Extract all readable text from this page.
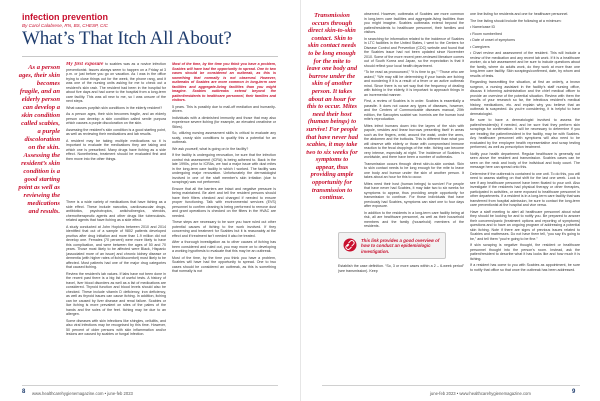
infection prevention
By Carol Calabrese, RN, BS, CHESP, CIC
What’s That Itch All About?
As a person ages, their skin becomes fragile, and an elderly person can develop a skin condition called scabies, a purple discoloration on the skin. Assessing the resident’s skin condition is a good starting point as well as reviewing the medications and results.

My first exposure to scabies was as a novice infection preventionist. Issues always seem to happen on a Friday at 3 p.m. or just before you go on vacation. As I was in the office trying to close things out for the week, the phone rang, and it was one of the nursing units asking for me to check out a resident’s skin rash. The resident had been in the hospital for about five days and had come to the hospital from a long-term care facility. This was all new to me, so I was unsure of the next steps.

What causes purplish skin conditions in the elderly resident?

As a person ages, their skin becomes fragile, and an elderly person can develop a skin condition called senile purpura which causes a purple discoloration on the skin.

Assessing the resident’s skin condition is a good starting point, as well as reviewing their medications and lab results.

A resident may be taking multiple medications so it is important to evaluate the medications they are taking and which one is prescribed. Many drugs have itching as a side effect. Nonetheless, treatment should be evaluated first and then move into the other things.

Most of the time, by the time you think you have a problem, Scabies will have had the opportunity to spread. One to two cases should be considered an outbreak, as this is something that normally is not observed. However, outbreaks of Scabies are more common in long-term care facilities and aggregate-living facilities than you might imagine. Scabies outbreaks extend beyond the patient/residents to healthcare personnel, their families and visitors.

5 years. This is possibly due to mail-off mediation and humanity-driven.

Individuals with a diminished immunity and those that may also experience severe itching (for example, an elevated creatinine or Stiles).

So, utilizing nursing assessment skills is critical to evaluate any scaly, crusty skin conditions to qualify this a potential for an outbreak.

We ask yourself, what is going on in the facility?

If the facility is undergoing renovation, be sure that the infection control risk assessment (ICRA) is being adhered to. Back in the late 1990s, prior to ICRAs, we had a major issue with dust mites in the long-term care facility in which I worked. The facility was undergoing major renovation. Unfortunately the dermatologist involved in one of the staff member’s skin irritation (due to scrapings) was not performed.

Ensure that all the barriers are intact and negative pressure is being maintained. Be alert and tell the resident persons should have their filters checked and changed if needed to ensure proper functioning. Talk with environmental services (EVS) personnel to confirm cleaning is being performed to remove dust and grant operations is checked on the filters in the HVAC are needed.

These steps are necessary to be sure you have ruled out other potential causes of itching to the work involved. If they concerning and treatment for Scabies but it is reasonably at the effect and if treatment isn’t needed it also be treated.

After a thorough investigation as to other causes of itching has been considered and ruled out, you may move on to developing a working hypothesis to evaluate that this may be an outbreak.

Most of the time, by the time you think you have a problem, Scabies will have had the opportunity to spread. One to two cases should be considered an outbreak, as this is something that normally is not

There is a wide variety of medications that have itching as a side effect. These include narcotics, cardiovascular drugs, antibiotics, psychotropics, anticholinergics, steroids, chemotherapeutic agents and other drugs like tuberculosis-related agents that have itching as a side effect.

A study conducted at John Hopkins between 2010 and 2014 identified that out of a sample of 9802 patients developed pruritus after drug initiation and more than 1.9 million did not develop one. Females (70 percent) were more likely to have this complication, and were between the ages of 50 and 70 years. Those most likely to be affected were Black, Hispanic (associated more of an issue) and chronic kidney disease or dementia (with higher rates of itch/discomfort) most likely to be affected. Most patients had one of the major drug categories that caused itching.

Review the resident’s lab values. If labs have not been done in the recent past there is a big list of useful tests. A history of travel, liver blood disorders as well as a list of medications are considered. Thyroid function and blood levels should also be checked. These include vitamin D deficiency, iron deficiency, as well as thyroid issues can cause itching. In addition, itching can be caused by liver disease and renal failure. Scabies or lice itching is more prevalent on sites of the palms of the hands and the soles of the feet. Itching may be due to an allergen.

Some diseases with skin infections like shingles, cellulitis, and also viral infections may be recognised by this time. However, 50 percent of older persons with skin inflammation and/or lesions are caused by scabies or fungal infection.

Transmission occurs through direct skin-to-skin contact. Skin to skin contact needs to be long enough for the mite to leave one body and burrow under the skin of another person. It takes about an hour for this to occur. Mites need their host (human beings) to survive! For people that have never had scabies, it may take two to six weeks for symptoms to appear, thus providing ample opportunity for transmission to continue.

observed. However, outbreaks of Scabies are more common in long-term care facilities and aggregate-living facilities than you might imagine. Scabies outbreaks extend beyond the patient/residents to healthcare personnel, their families and visitors.

In searching for information related to the incidence of Scabies in LTC facilities in the United States, I went to the Centers for Disease Control and Prevention (CDC) website and found that the Scabies issue had not been updated since November 2010. Some of the more recent peer-reviewed literature comes out of South Korea and Japan, so the expectation is that it should reflect your local health department.

“To be read as pronounced,” “It is time to go,” “Those who are asked,” “We may still be determining if your hands are itching and wondering if it is a result of a fever or an active outbreak mind. Since there is no set way that the frequency of dealing with itching in the elderly, it is important to approach things in an incremental manner.

First, a review of Scabies is in order. Scabies is essentially a parasite. It does not cause any types of diseases, however, and the Centers of Communicable diseases manual, 20th edition, the Sarcoptes scabiei var. hominis are the human host mite’s reproduction.

Mites infect humans down into the layers of the skin with papule, vesicles and linear burrows presenting itself in areas such as the fingers, wrist, around the waist, under the arms, the abdomen and the buttocks. This is different than what you will observe with elderly or those with compromised immune reaction to the fecal droppings of the mite. Itching can become very intense, especially at night. The incidence of Scabies is worldwide, and there have been a number of outbreaks.

Transmission occurs through direct skin-to-skin contact. Skin to skin contact needs to be long enough for the mite to leave one body and burrow under the skin of another person. It takes about an hour for this to occur.

Mites need their host (human beings) to survive! For people that have never had Scabies, it may take two to six weeks for symptoms to appear, thus providing ample opportunity for transmission to continue. For those individuals that have previously had Scabies, symptoms can start one to four days after exposure.

In addition to the residents in a long-term care facility being at risk, all are healthcare personnel, as well as their household members and the family (household) members of the residents.

This link provides a good overview of how to conduct an epidemiologic investigation.

Establish the case definition. “So, 3 or more cases within a 2 – 6-week period” (see transmission). Keep

one line listing for residents and one for healthcare personnel.

The line listing should include the following at a minimum:

• Name/case ID

• Room number/bed

• Date of onset of symptoms

• Caregivers

• Chart review and assessment of the resident. This will include a review of the medication and any recent lab work. If it is a healthcare worker, do a fair assessment and be sure to include questions about the family, where do adults work, do they work at more than one long-term care facility. Skin scrapings/confirmed, date, by whom and results of tests.

Regarding transmitting the situation, at first an orderly, a brown surgeon, a nursing assistant in the facility’s staff nursing office, discuss it informing administration and the chief medical officer to provide an overview of the potential situation. Review with them the results of your research so far, the infectious resident’s medical history, medications, etc. and explain why you believe that an outbreak is suspected. As you’re considering, it is helpful to have dermatologist.

Be sure to have a dermatologist involved to assess the patient/resident(s) if needed, and be sure that they perform skin scrapings for confirmation. It will be necessary to determine if you are treating the patient/resident in the facility, may be with Scabies. Any healthcare personnel with symptoms will also need to be evaluated by the employee health representative and scrap testing performed, as well as prescription treatment.

Notify your health department. Regular healthcare is generally not seen above the resident and transmission. Scabies cases can be seen on the neck and body of the individual and body count. The message here can spread onto this.

Determine if the outbreak is contained to one unit. To do this, you will need to assess staffing on that shift for the last one week. Look to see if any healthcare personnel have been floated to your unit. Also investigate if the residents had physical therapy or other therapies, participated in activities, or were exposed to healthcare personnel in other departments. If a resident is in a long-term care facility that was transferred from hospital admission, be sure to contact the long-term care preventionist at the hospital and vice versa.

Have a staff meeting to alert all healthcare personnel about what they should be looking for and to notify you. Be prepared to answer their concerns/panic (treatment options and reporting of symptoms) questions and to have an ongoing program of addressing a potential skin itching. Note if there are signs of previous issues related to Scabies and mattresses. Do not have them tell, “you say it’s going to be,” and tell them “you’re going to be fine.”

If skin scraping is negative thought, the resident or healthcare personnel thought into the person’s room. Instead, ask the patient/resident to describe what it has looks like and how much it is itching.

If a resident has come to you with Scabies as appointment, be sure to notify that office so that once the outbreak has been addressed.

8 www.healthcarehygienemagazine.com • june-feb 2023	june-feb 2023 • www.healthcarehygienemagazine.com	9
